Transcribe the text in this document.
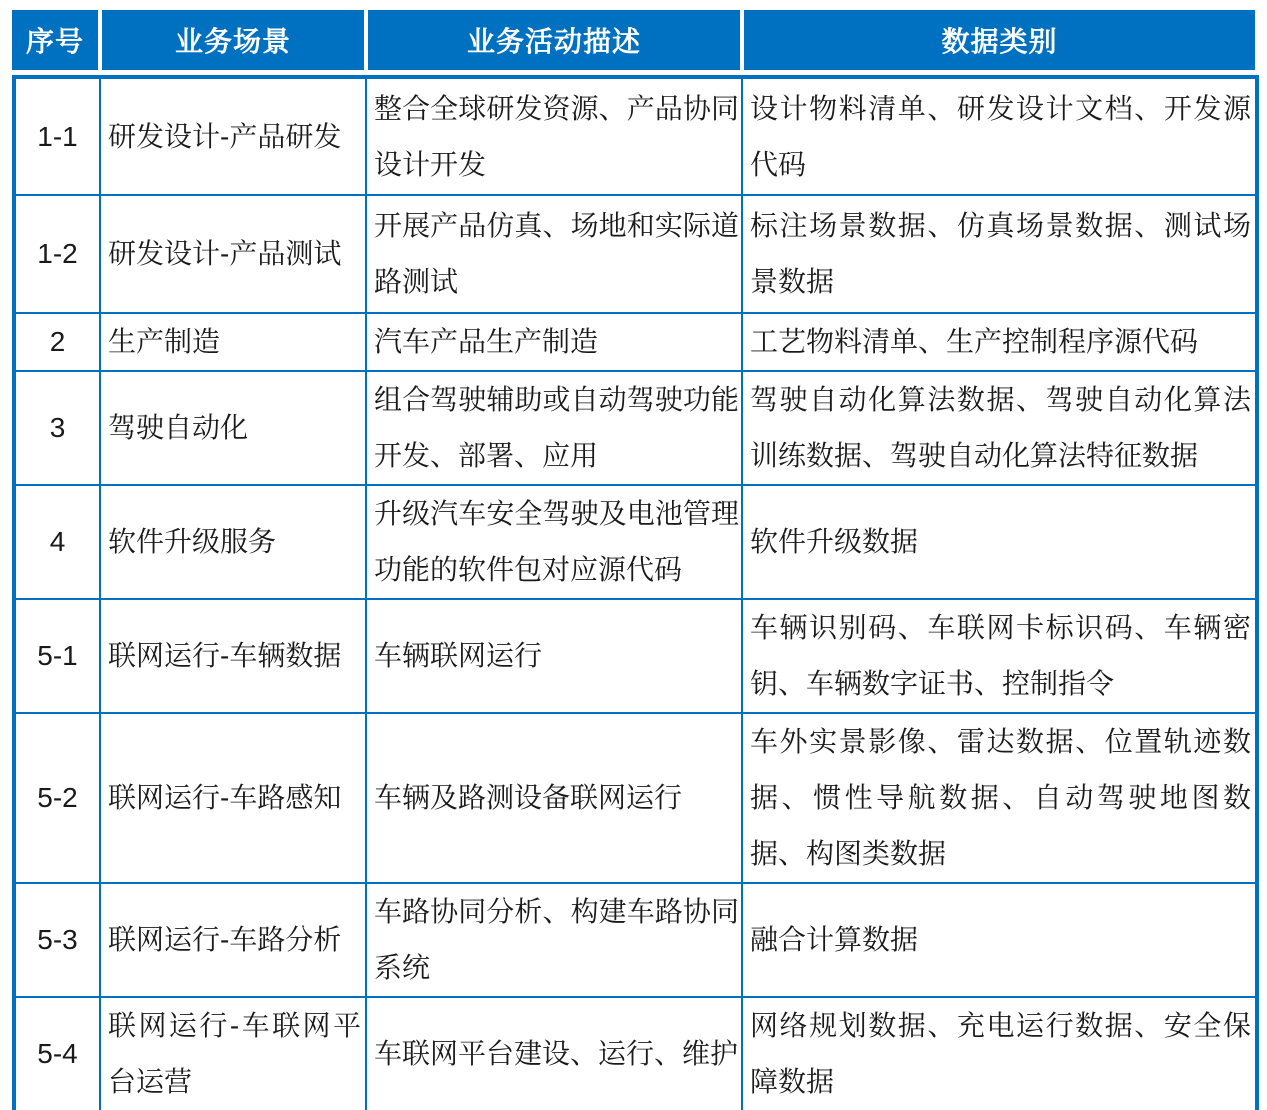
序号	业务场景	业务活动描述	数据类别
1-1	研发设计-产品研发	整合全球研发资源、产品协同设计开发	设计物料清单、研发设计文档、开发源代码
1-2	研发设计-产品测试	开展产品仿真、场地和实际道路测试	标注场景数据、仿真场景数据、测试场景数据
2	生产制造	汽车产品生产制造	工艺物料清单、生产控制程序源代码
3	驾驶自动化	组合驾驶辅助或自动驾驶功能开发、部署、应用	驾驶自动化算法数据、驾驶自动化算法训练数据、驾驶自动化算法特征数据
4	软件升级服务	升级汽车安全驾驶及电池管理功能的软件包对应源代码	软件升级数据
5-1	联网运行-车辆数据	车辆联网运行	车辆识别码、车联网卡标识码、车辆密钥、车辆数字证书、控制指令
5-2	联网运行-车路感知	车辆及路测设备联网运行	车外实景影像、雷达数据、位置轨迹数据、惯性导航数据、自动驾驶地图数据、构图类数据
5-3	联网运行-车路分析	车路协同分析、构建车路协同系统	融合计算数据
5-4	联网运行-车联网平台运营	车联网平台建设、运行、维护	网络规划数据、充电运行数据、安全保障数据
